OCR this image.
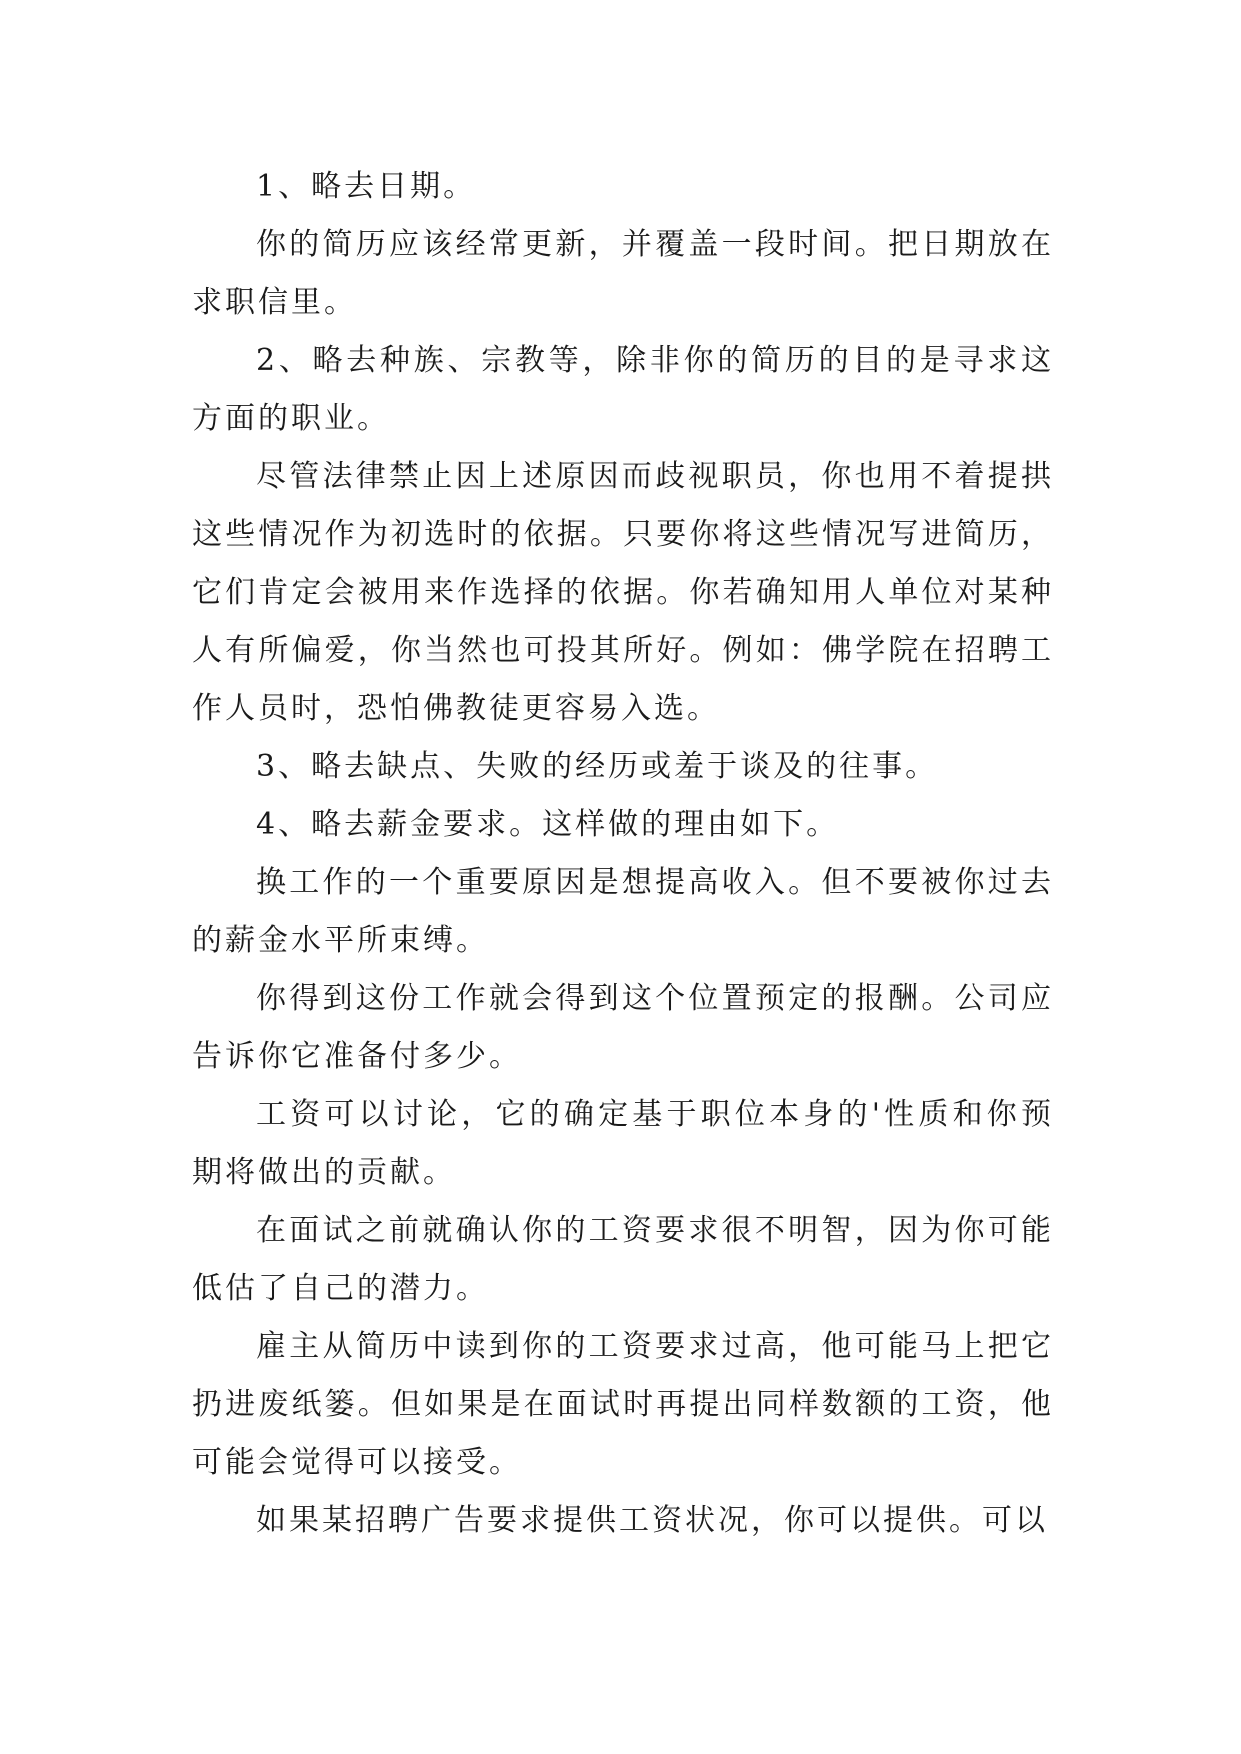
1、略去日期。

你的简历应该经常更新，并覆盖一段时间。把日期放在求职信里。

2、略去种族、宗教等，除非你的简历的目的是寻求这方面的职业。

尽管法律禁止因上述原因而歧视职员，你也用不着提拱这些情况作为初选时的依据。只要你将这些情况写进简历，它们肯定会被用来作选择的依据。你若确知用人单位对某种人有所偏爱，你当然也可投其所好。例如：佛学院在招聘工作人员时，恐怕佛教徒更容易入选。

3、略去缺点、失败的经历或羞于谈及的往事。

4、略去薪金要求。这样做的理由如下。

换工作的一个重要原因是想提高收入。但不要被你过去的薪金水平所束缚。

你得到这份工作就会得到这个位置预定的报酬。公司应告诉你它准备付多少。

工资可以讨论，它的确定基于职位本身的'性质和你预期将做出的贡献。

在面试之前就确认你的工资要求很不明智，因为你可能低估了自己的潜力。

雇主从简历中读到你的工资要求过高，他可能马上把它扔进废纸篓。但如果是在面试时再提出同样数额的工资，他可能会觉得可以接受。

如果某招聘广告要求提供工资状况，你可以提供。可以
